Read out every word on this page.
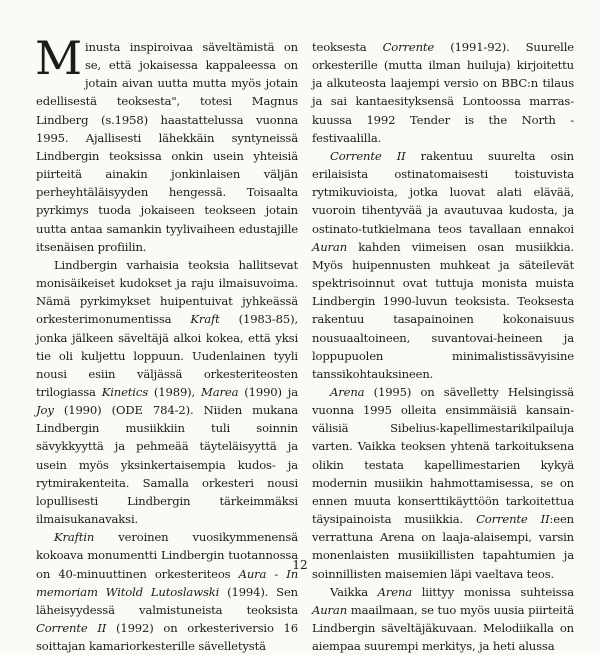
Minusta inspiroivaa säveltämistä on se, että jokaisessa kappaleessa on jotain aivan uutta mutta myös jotain edellisestä teoksesta", totesi Magnus Lindberg (s.1958) haastattelussa vuonna 1995. Ajallisesti lähekkäin syntyneissä Lindbergin teoksissa onkin usein yhteisiä piirteitä ainakin jonkinlaisen väljän perheyhtäläisyyden hengessä. Toisaalta pyrkimys tuoda jokaiseen teokseen jotain uutta antaa samankin tyylivaiheen edustajille itsenäisen profiilin.

Lindbergin varhaisia teoksia hallitsevat monisäikeiset kudokset ja raju ilmaisuvoima. Nämä pyrkimykset huipentuivat jyhkeässä orkesterimonumentissa Kraft (1983-85), jonka jälkeen säveltäjä alkoi kokea, että yksi tie oli kuljettu loppuun. Uudenlainen tyyli nousi esiin väljässä orkesteriteosten trilogiassa Kinetics (1989), Marea (1990) ja Joy (1990) (ODE 784-2). Niiden mukana Lindbergin musiikkiin tuli soinnin sävykkyyttä ja pehmeää täyteläisyyttä ja usein myös yksinkertaisempia kudos- ja rytmirakenteita. Samalla orkesteri nousi lopullisesti Lindbergin tärkeimmäksi ilmaisukanavaksi.

Kraftin veroinen vuosikymmenensä kokoava monumentti Lindbergin tuotannossa on 40-minuuttinen orkesteriteos Aura - In memoriam Witold Lutoslawski (1994). Sen läheisyydessä valmistuneista teoksista Corrente II (1992) on orkesteriversio 16 soittajan kamariorkesterille sävelletystä

teoksesta Corrente (1991-92). Suurelle orkesterille (mutta ilman huiluja) kirjoitettu ja alkuteosta laajempi versio on BBC:n tilaus ja sai kantaesityksensä Lontoossa marras-kuussa 1992 Tender is the North -festivaalilla.

Corrente II rakentuu suurelta osin erilaisista ostinatomaisesti toistuvista rytmikuvioista, jotka luovat alati elävää, vuoroin tihentyvää ja avautuvaa kudosta, ja ostinato-tutkielmana teos tavallaan ennakoi Auran kahden viimeisen osan musiikkia. Myös huipennusten muhkeat ja säteilevät spektrisoinnut ovat tuttuja monista muista Lindbergin 1990-luvun teoksista. Teoksesta rakentuu tasapainoinen kokonaisuus nousuaaltoineen, suvantovai-heineen ja loppupuolen minimalistissävyisine tanssikohtauksineen.

Arena (1995) on sävelletty Helsingissä vuonna 1995 olleita ensimmäisiä kansain-välisiä Sibelius-kapellimestarikilpailuja varten. Vaikka teoksen yhtenä tarkoituksena olikin testata kapellimestarien kykyä modernin musiikin hahmottamisessa, se on ennen muuta konserttikäyttöön tarkoitettua täysipainoista musiikkia. Corrente II:een verrattuna Arena on laaja-alaisempi, varsin monenlaisten musiikillisten tapahtumien ja soinnillisten maisemien läpi vaeltava teos.

Vaikka Arena liittyy monissa suhteissa Auran maailmaan, se tuo myös uusia piirteitä Lindbergin säveltäjäkuvaan. Melodiikalla on aiempaa suurempi merkitys, ja heti alussa

12
